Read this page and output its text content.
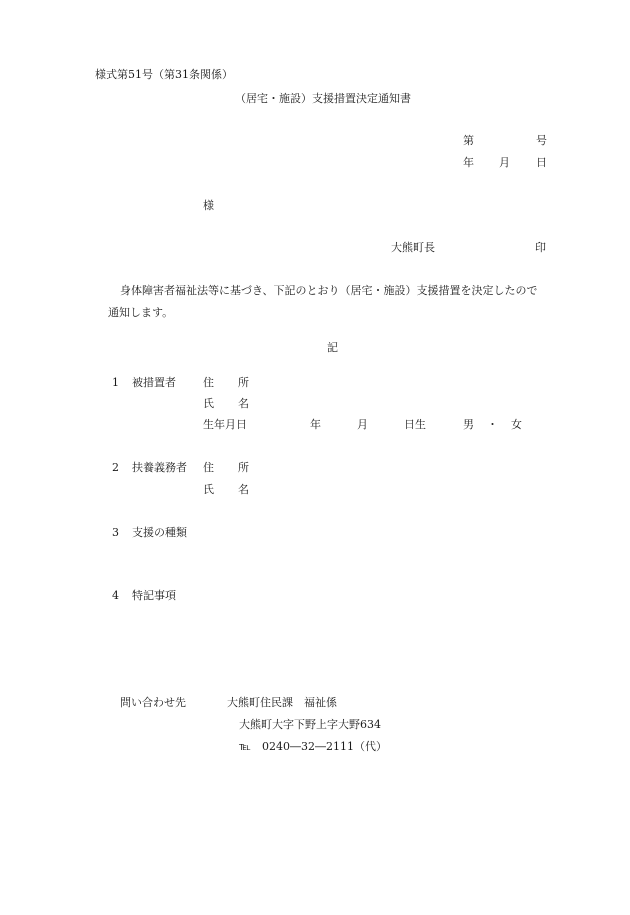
様式第51号（第31条関係）
（居宅・施設）支援措置決定通知書
第	号
年 月 日
様
大熊町長	印
身体障害者福祉法等に基づき、下記のとおり（居宅・施設）支援措置を決定したので
通知します。
記
1 被措置者 住 所
氏 名
生年月日	年	月	日生	男 ・ 女
2 扶養義務者 住 所
氏 名
3 支援の種類
4 特記事項
問い合わせ先	大熊町住民課　福祉係
大熊町大字下野上字大野634
℡ 0240―32―2111（代）
